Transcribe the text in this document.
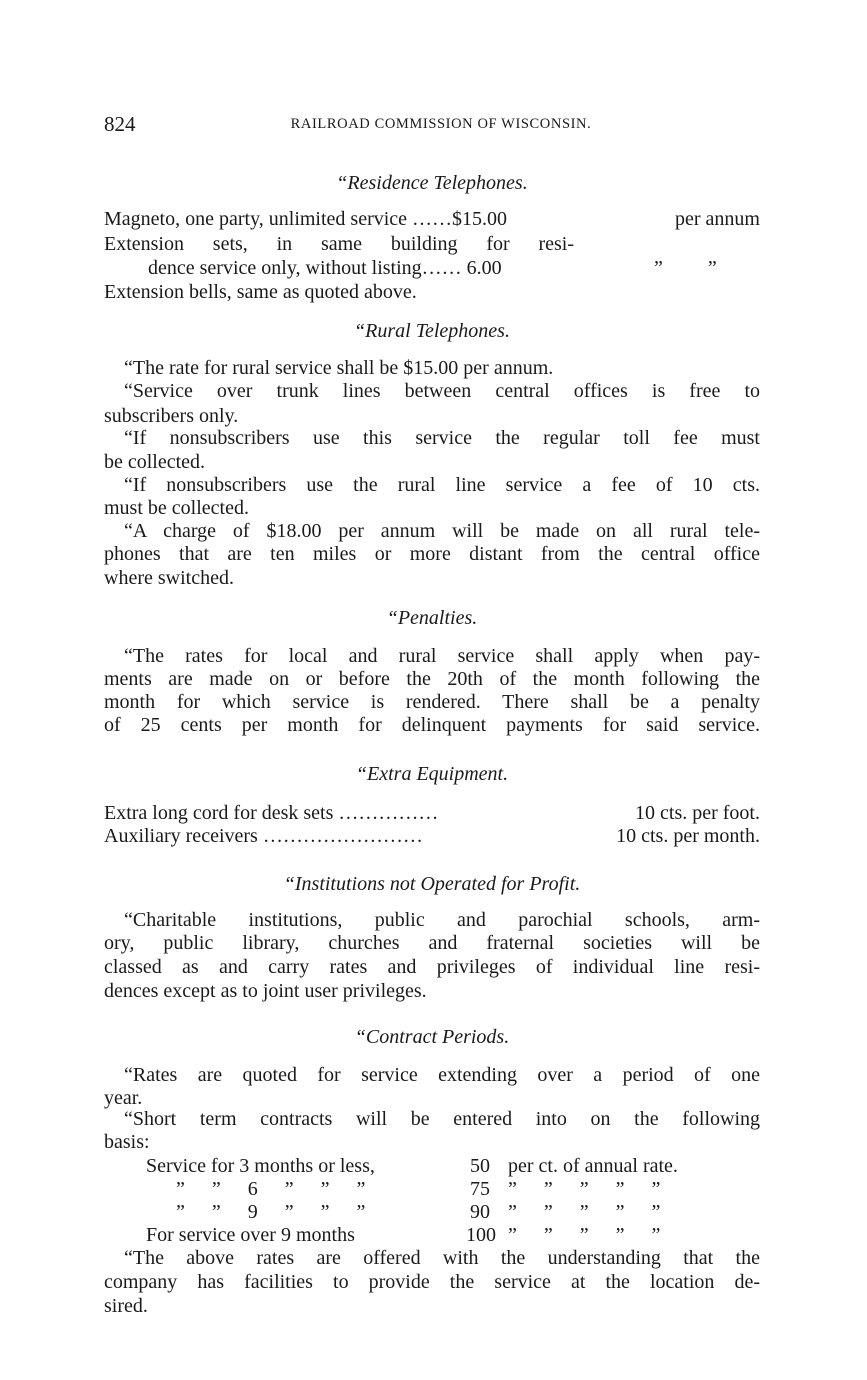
824	RAILROAD COMMISSION OF WISCONSIN.
“Residence Telephones.
Magneto, one party, unlimited service ……$15.00	per annum
Extension sets, in same building for resi-
dence service only, without listing…… 6.00	” ”
Extension bells, same as quoted above.
“Rural Telephones.
“The rate for rural service shall be $15.00 per annum.
“Service over trunk lines between central offices is free to
subscribers only.
“If nonsubscribers use this service the regular toll fee must
be collected.
“If nonsubscribers use the rural line service a fee of 10 cts.
must be collected.
“A charge of $18.00 per annum will be made on all rural tele-
phones that are ten miles or more distant from the central office
where switched.
“Penalties.
“The rates for local and rural service shall apply when pay-
ments are made on or before the 20th of the month following the
month for which service is rendered. There shall be a penalty
of 25 cents per month for delinquent payments for said service.
“Extra Equipment.
Extra long cord for desk sets ……………	10 cts. per foot.
Auxiliary receivers ……………………	10 cts. per month.
“Institutions not Operated for Profit.
“Charitable institutions, public and parochial schools, arm-
ory, public library, churches and fraternal societies will be
classed as and carry rates and privileges of individual line resi-
dences except as to joint user privileges.
“Contract Periods.
“Rates are quoted for service extending over a period of one
year.
“Short term contracts will be entered into on the following
basis:
Service for 3 months or less,	50 per ct. of annual rate.
” ” 6 ” ” ”	75 ” ” ” ” ”
” ” 9 ” ” ”	90 ” ” ” ” ”
For service over 9 months	100 ” ” ” ” ”
“The above rates are offered with the understanding that the
company has facilities to provide the service at the location de-
sired.
